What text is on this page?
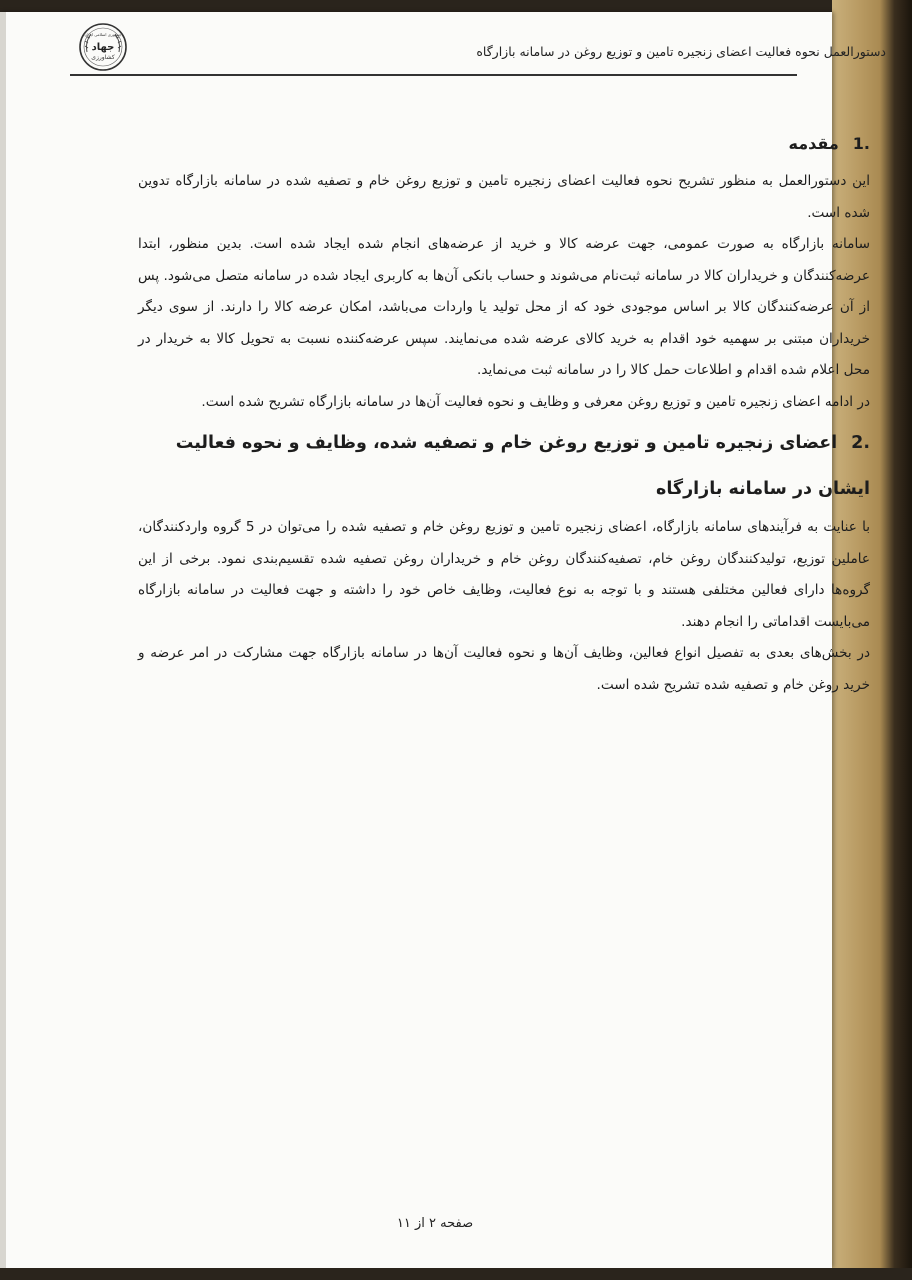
دستورالعمل نحوه فعالیت اعضای زنجیره تامین و توزیع روغن در سامانه بازارگاه
جمهوری اسلامی ایران
جهاد
کشاورزی
.1مقدمه

این دستورالعمل به منظور تشریح نحوه فعالیت اعضای زنجیره تامین و توزیع روغن خام و تصفیه شده در سامانه بازارگاه تدوین شده است.

سامانه بازارگاه به صورت عمومی، جهت عرضه کالا و خرید از عرضه‌های انجام شده ایجاد شده است. بدین منظور، ابتدا عرضه‌کنندگان و خریداران کالا در سامانه ثبت‌نام می‌شوند و حساب بانکی آن‌ها به کاربری ایجاد شده در سامانه متصل می‌شود. پس از آن عرضه‌کنندگان کالا بر اساس موجودی خود که از محل تولید یا واردات می‌باشد، امکان عرضه کالا را دارند. از سوی دیگر خریداران مبتنی بر سهمیه خود اقدام به خرید کالای عرضه شده می‌نمایند. سپس عرضه‌کننده نسبت به تحویل کالا به خریدار در محل اعلام شده اقدام و اطلاعات حمل کالا را در سامانه ثبت می‌نماید.

در ادامه اعضای زنجیره تامین و توزیع روغن معرفی و وظایف و نحوه فعالیت آن‌ها در سامانه بازارگاه تشریح شده است.

.2اعضای زنجیره تامین و توزیع روغن خام و تصفیه شده، وظایف و نحوه فعالیت ایشان در سامانه بازارگاه

با عنایت به فرآیندهای سامانه بازارگاه، اعضای زنجیره تامین و توزیع روغن خام و تصفیه شده را می‌توان در 5 گروه واردکنندگان، عاملین توزیع، تولیدکنندگان روغن خام، تصفیه‌کنندگان روغن خام و خریداران روغن تصفیه شده تقسیم‌بندی نمود. برخی از این گروه‌ها دارای فعالین مختلفی هستند و با توجه به نوع فعالیت، وظایف خاص خود را داشته و جهت فعالیت در سامانه بازارگاه می‌بایست اقداماتی را انجام دهند.

در بخش‌های بعدی به تفصیل انواع فعالین، وظایف آن‌ها و نحوه فعالیت آن‌ها در سامانه بازارگاه جهت مشارکت در امر عرضه و خرید روغن خام و تصفیه شده تشریح شده است.

صفحه ۲ از ۱۱
